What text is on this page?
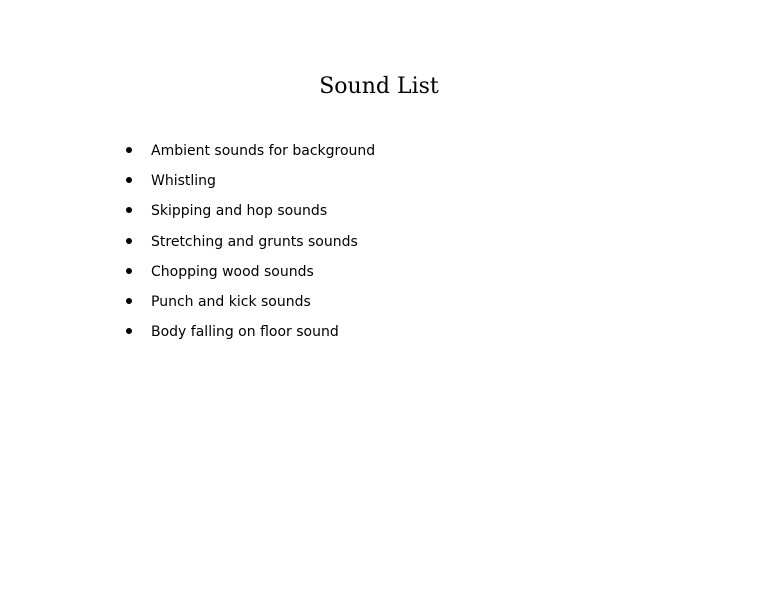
Sound List
Ambient sounds for background
Whistling
Skipping and hop sounds
Stretching and grunts sounds
Chopping wood sounds
Punch and kick sounds
Body falling on floor sound
